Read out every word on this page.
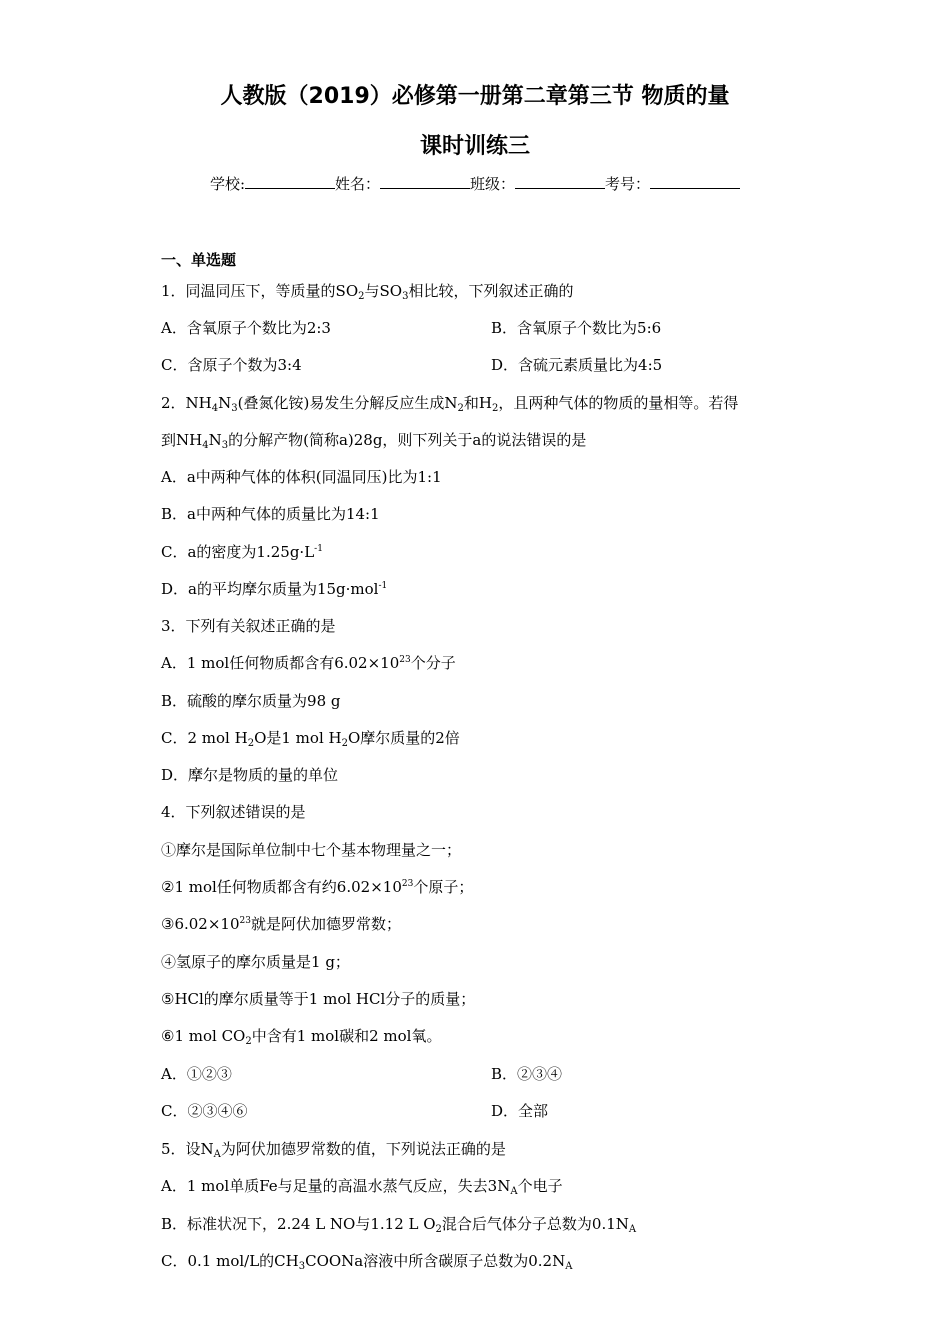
人教版（2019）必修第一册第二章第三节 物质的量
课时训练三
学校:	姓名：	班级：	考号：
一、单选题
1．同温同压下，等质量的$SO_2$与$SO_3$相比较，下列叙述正确的
A．含氧原子个数比为2:3	B．含氧原子个数比为5:6
C．含原子个数为3:4	D．含硫元素质量比为4:5
2．$NH_4N_3$(叠氮化铵)易发生分解反应生成$N_2$和$H_2$，且两种气体的物质的量相等。若得
到$NH_4N_3$的分解产物(简称a)28g，则下列关于a的说法错误的是
A．a中两种气体的体积(同温同压)比为1:1
B．a中两种气体的质量比为14:1
C．a的密度为$1.25g\cdot L^{-1}$
D．a的平均摩尔质量为15g·mol$^{-1}$
3．下列有关叙述正确的是
A．1 mol任何物质都含有$6.02\times 10^{23}$个分子
B．硫酸的摩尔质量为98 g
C．2 mol $H_2O$是1 mol $H_2O$摩尔质量的2倍
D．摩尔是物质的量的单位
4．下列叙述错误的是
①摩尔是国际单位制中七个基本物理量之一；
②1 mol任何物质都含有约$6.02\times 10^{23}$个原子；
$③6.02\times 10^{23}$就是阿伏加德罗常数；
④氢原子的摩尔质量是1 g；
⑤HCl的摩尔质量等于1 mol HCl分子的质量；
⑥1 mol $CO_2$中含有1 mol碳和2 mol氧。
A．①②③	B．②③④
C．②③④⑥	D．全部
5．设$N_A$为阿伏加德罗常数的值，下列说法正确的是
A．1 mol单质Fe与足量的高温水蒸气反应，失去$3N_A$个电子
B．标准状况下，2.24 L NO与1.12 L $O_2$混合后气体分子总数为$0.1N_A$
C．0.1 mol/L的$CH_3COONa$溶液中所含碳原子总数为$0.2N_A$
